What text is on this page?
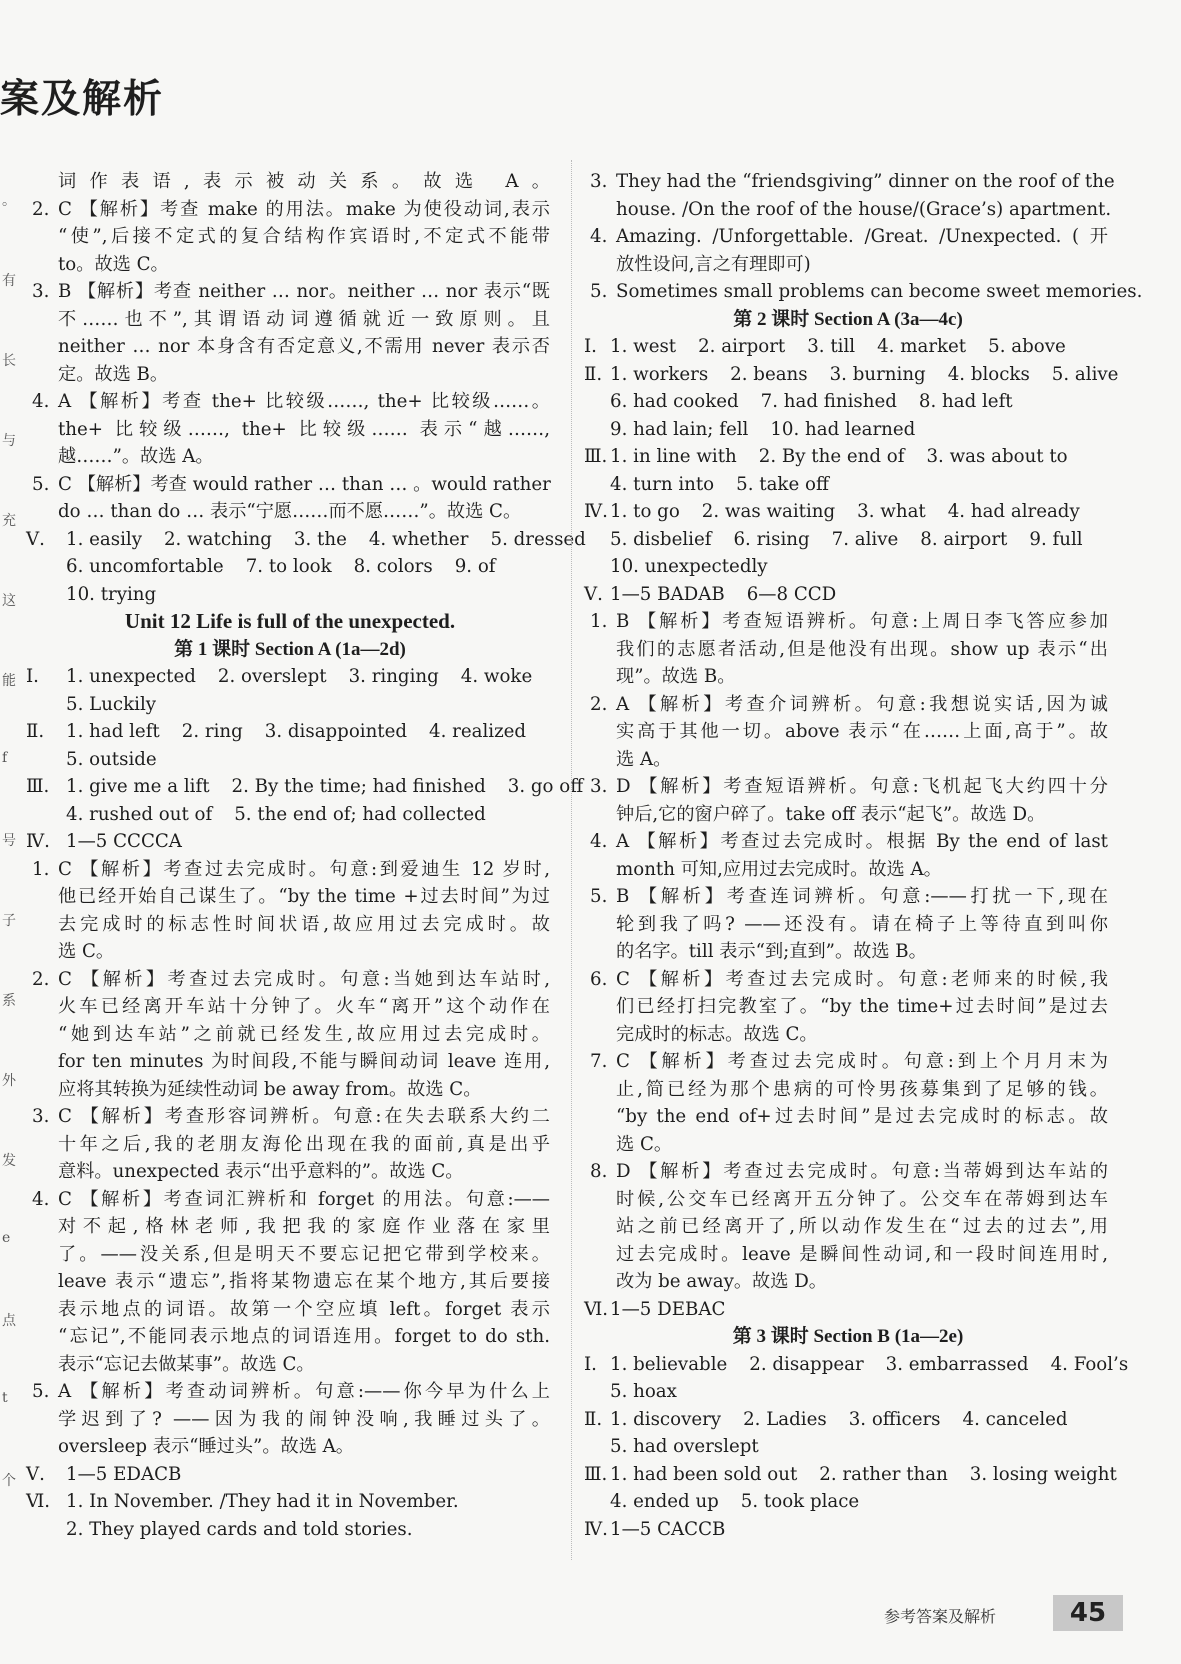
案及解析
。
有
长
与
充
这
能
f
号
子
系
外
发
e
点
t
个
词作表语,表示被动关系。故选 A。
2. C 【解析】考查 make 的用法。make 为使役动词,表示
“使”,后接不定式的复合结构作宾语时,不定式不能带
to。故选 C。
3. B 【解析】考查 neither … nor。neither … nor 表示“既
不……也不”,其谓语动词遵循就近一致原则。且
neither … nor 本身含有否定意义,不需用 never 表示否
定。故选 B。
4. A 【解析】考查 the+ 比较级……, the+ 比较级……。
the+ 比较级……, the+ 比较级…… 表示“越……,
越……”。故选 A。
5. C 【解析】考查 would rather … than … 。would rather
do … than do … 表示“宁愿……而不愿……”。故选 C。
Ⅴ. 1. easily 2. watching 3. the 4. whether 5. dressed
6. uncomfortable 7. to look 8. colors 9. of
10. trying
Unit 12 Life is full of the unexpected.
第 1 课时 Section A (1a—2d)
Ⅰ. 1. unexpected 2. overslept 3. ringing 4. woke
5. Luckily
Ⅱ. 1. had left 2. ring 3. disappointed 4. realized
5. outside
Ⅲ. 1. give me a lift 2. By the time; had finished 3. go off
4. rushed out of 5. the end of; had collected
Ⅳ. 1—5 CCCCA
1. C 【解析】考查过去完成时。句意:到爱迪生 12 岁时,
他已经开始自己谋生了。“by the time +过去时间”为过
去完成时的标志性时间状语,故应用过去完成时。故
选 C。
2. C 【解析】考查过去完成时。句意:当她到达车站时,
火车已经离开车站十分钟了。火车“离开”这个动作在
“她到达车站”之前就已经发生,故应用过去完成时。
for ten minutes 为时间段,不能与瞬间动词 leave 连用,
应将其转换为延续性动词 be away from。故选 C。
3. C 【解析】考查形容词辨析。句意:在失去联系大约二
十年之后,我的老朋友海伦出现在我的面前,真是出乎
意料。unexpected 表示“出乎意料的”。故选 C。
4. C 【解析】考查词汇辨析和 forget 的用法。句意:——
对不起,格林老师,我把我的家庭作业落在家里
了。——没关系,但是明天不要忘记把它带到学校来。
leave 表示“遗忘”,指将某物遗忘在某个地方,其后要接
表示地点的词语。故第一个空应填 left。forget 表示
“忘记”,不能同表示地点的词语连用。forget to do sth.
表示“忘记去做某事”。故选 C。
5. A 【解析】考查动词辨析。句意:——你今早为什么上
学迟到了? ——因为我的闹钟没响,我睡过头了。
oversleep 表示“睡过头”。故选 A。
Ⅴ. 1—5 EDACB
Ⅵ. 1. In November. /They had it in November.
2. They played cards and told stories.
3. They had the “friendsgiving” dinner on the roof of the
house. /On the roof of the house/(Grace’s) apartment.
4. Amazing. /Unforgettable. /Great. /Unexpected. ( 开
放性设问,言之有理即可)
5. Sometimes small problems can become sweet memories.
第 2 课时 Section A (3a—4c)
Ⅰ. 1. west 2. airport 3. till 4. market 5. above
Ⅱ. 1. workers 2. beans 3. burning 4. blocks 5. alive
6. had cooked 7. had finished 8. had left
9. had lain; fell 10. had learned
Ⅲ. 1. in line with 2. By the end of 3. was about to
4. turn into 5. take off
Ⅳ. 1. to go 2. was waiting 3. what 4. had already
5. disbelief 6. rising 7. alive 8. airport 9. full
10. unexpectedly
Ⅴ. 1—5 BADAB 6—8 CCD
1. B 【解析】考查短语辨析。句意:上周日李飞答应参加
我们的志愿者活动,但是他没有出现。show up 表示“出
现”。故选 B。
2. A 【解析】考查介词辨析。句意:我想说实话,因为诚
实高于其他一切。above 表示“在……上面,高于”。故
选 A。
3. D 【解析】考查短语辨析。句意:飞机起飞大约四十分
钟后,它的窗户碎了。take off 表示“起飞”。故选 D。
4. A 【解析】考查过去完成时。根据 By the end of last
month 可知,应用过去完成时。故选 A。
5. B 【解析】考查连词辨析。句意:——打扰一下,现在
轮到我了吗? ——还没有。请在椅子上等待直到叫你
的名字。till 表示“到;直到”。故选 B。
6. C 【解析】考查过去完成时。句意:老师来的时候,我
们已经打扫完教室了。“by the time+过去时间”是过去
完成时的标志。故选 C。
7. C 【解析】考查过去完成时。句意:到上个月月末为
止,简已经为那个患病的可怜男孩募集到了足够的钱。
“by the end of+过去时间”是过去完成时的标志。故
选 C。
8. D 【解析】考查过去完成时。句意:当蒂姆到达车站的
时候,公交车已经离开五分钟了。公交车在蒂姆到达车
站之前已经离开了,所以动作发生在“过去的过去”,用
过去完成时。leave 是瞬间性动词,和一段时间连用时,
改为 be away。故选 D。
Ⅵ. 1—5 DEBAC
第 3 课时 Section B (1a—2e)
Ⅰ. 1. believable 2. disappear 3. embarrassed 4. Fool’s
5. hoax
Ⅱ. 1. discovery 2. Ladies 3. officers 4. canceled
5. had overslept
Ⅲ. 1. had been sold out 2. rather than 3. losing weight
4. ended up 5. took place
Ⅳ. 1—5 CACCB
参考答案及解析	45
